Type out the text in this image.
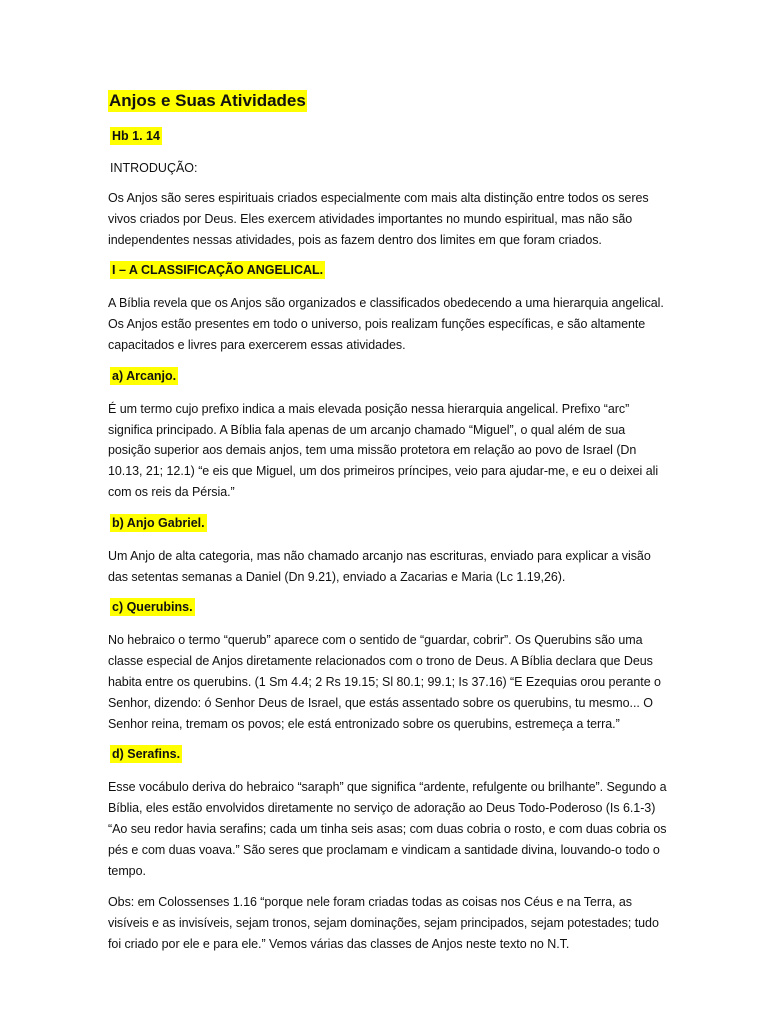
Anjos e Suas Atividades
Hb 1. 14
INTRODUÇÃO:

Os Anjos são seres espirituais criados especialmente com mais alta distinção entre todos os seres vivos criados por Deus. Eles exercem atividades importantes no mundo espiritual, mas não são independentes nessas atividades, pois as fazem dentro dos limites em que foram criados.

I – A CLASSIFICAÇÃO ANGELICAL.

A Bíblia revela que os Anjos são organizados e classificados obedecendo a uma hierarquia angelical. Os Anjos estão presentes em todo o universo, pois realizam funções específicas, e são altamente capacitados e livres para exercerem essas atividades.

a) Arcanjo.

É um termo cujo prefixo indica a mais elevada posição nessa hierarquia angelical. Prefixo “arc” significa principado. A Bíblia fala apenas de um arcanjo chamado “Miguel”, o qual além de sua posição superior aos demais anjos, tem uma missão protetora em relação ao povo de Israel (Dn 10.13, 21; 12.1) “e eis que Miguel, um dos primeiros príncipes, veio para ajudar-me, e eu o deixei ali com os reis da Pérsia.”

b) Anjo Gabriel.

Um Anjo de alta categoria, mas não chamado arcanjo nas escrituras, enviado para explicar a visão das setentas semanas a Daniel (Dn 9.21), enviado a Zacarias e Maria (Lc 1.19,26).

c) Querubins.

No hebraico o termo “querub” aparece com o sentido de “guardar, cobrir”. Os Querubins são uma classe especial de Anjos diretamente relacionados com o trono de Deus. A Bíblia declara que Deus habita entre os querubins. (1 Sm 4.4; 2 Rs 19.15; Sl 80.1; 99.1; Is 37.16) “E Ezequias orou perante o Senhor, dizendo: ó Senhor Deus de Israel, que estás assentado sobre os querubins, tu mesmo... O Senhor reina, tremam os povos; ele está entronizado sobre os querubins, estremeça a terra.”

d) Serafins.

Esse vocábulo deriva do hebraico “saraph” que significa “ardente, refulgente ou brilhante”. Segundo a Bíblia, eles estão envolvidos diretamente no serviço de adoração ao Deus Todo-Poderoso (Is 6.1-3) “Ao seu redor havia serafins; cada um tinha seis asas; com duas cobria o rosto, e com duas cobria os pés e com duas voava.” São seres que proclamam e vindicam a santidade divina, louvando-o todo o tempo.

Obs: em Colossenses 1.16 “porque nele foram criadas todas as coisas nos Céus e na Terra, as visíveis e as invisíveis, sejam tronos, sejam dominações, sejam principados, sejam potestades; tudo foi criado por ele e para ele.” Vemos várias das classes de Anjos neste texto no N.T.
